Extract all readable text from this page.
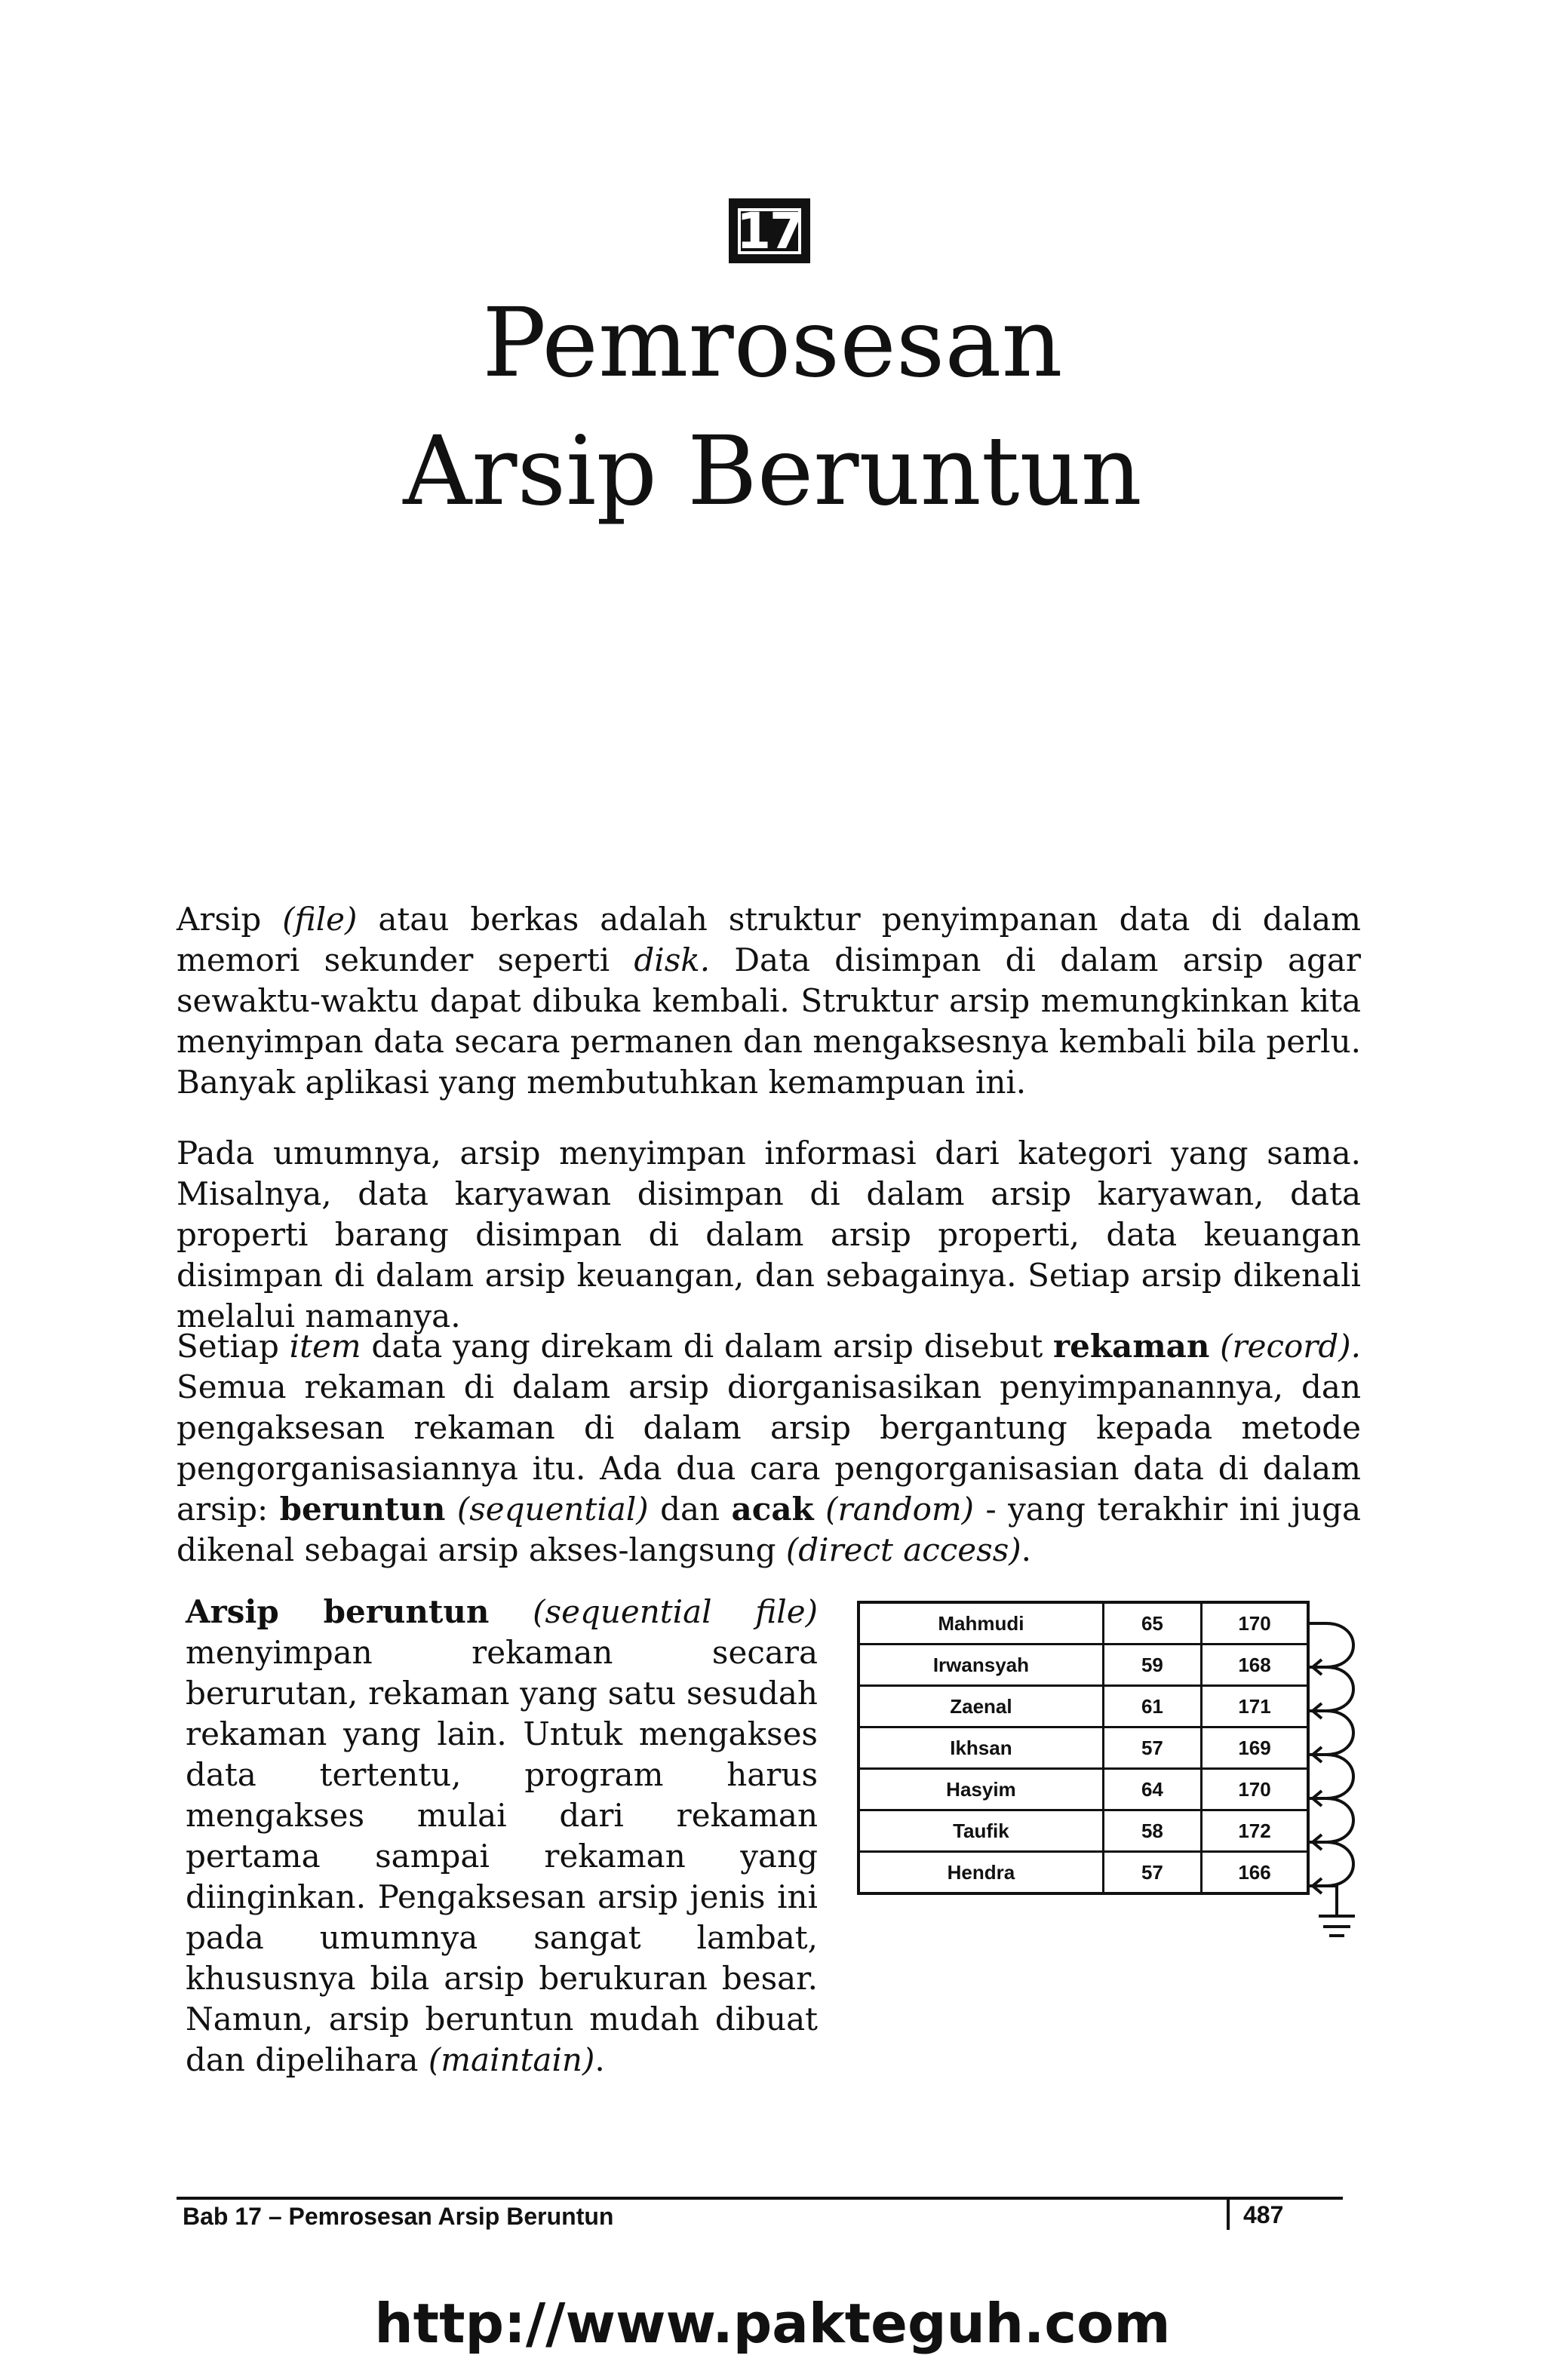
17
Pemrosesan
Arsip Beruntun

Arsip (file) atau berkas adalah struktur penyimpanan data di dalam memori sekunder seperti disk. Data disimpan di dalam arsip agar sewaktu-waktu dapat dibuka kembali. Struktur arsip memungkinkan kita menyimpan data secara permanen dan mengaksesnya kembali bila perlu. Banyak aplikasi yang membutuhkan kemampuan ini.

Pada umumnya, arsip menyimpan informasi dari kategori yang sama. Misalnya, data karyawan disimpan di dalam arsip karyawan, data properti barang disimpan di dalam arsip properti, data keuangan disimpan di dalam arsip keuangan, dan sebagainya. Setiap arsip dikenali melalui namanya.

Setiap item data yang direkam di dalam arsip disebut rekaman (record). Semua rekaman di dalam arsip diorganisasikan penyimpanannya, dan pengaksesan rekaman di dalam arsip bergantung kepada metode pengorganisasiannya itu. Ada dua cara pengorganisasian data di dalam arsip: beruntun (sequential) dan acak (random) - yang terakhir ini juga dikenal sebagai arsip akses-langsung (direct access).

Arsip beruntun (sequential file) menyimpan rekaman secara berurutan, rekaman yang satu sesudah rekaman yang lain. Untuk mengakses data tertentu, program harus mengakses mulai dari rekaman pertama sampai rekaman yang diinginkan. Pengaksesan arsip jenis ini pada umumnya sangat lambat, khususnya bila arsip berukuran besar. Namun, arsip beruntun mudah dibuat dan dipelihara (maintain).

Mahmudi	65	170
Irwansyah	59	168
Zaenal	61	171
Ikhsan	57	169
Hasyim	64	170
Taufik	58	172
Hendra	57	166
Bab 17 – Pemrosesan Arsip Beruntun	487
http://www.pakteguh.com
